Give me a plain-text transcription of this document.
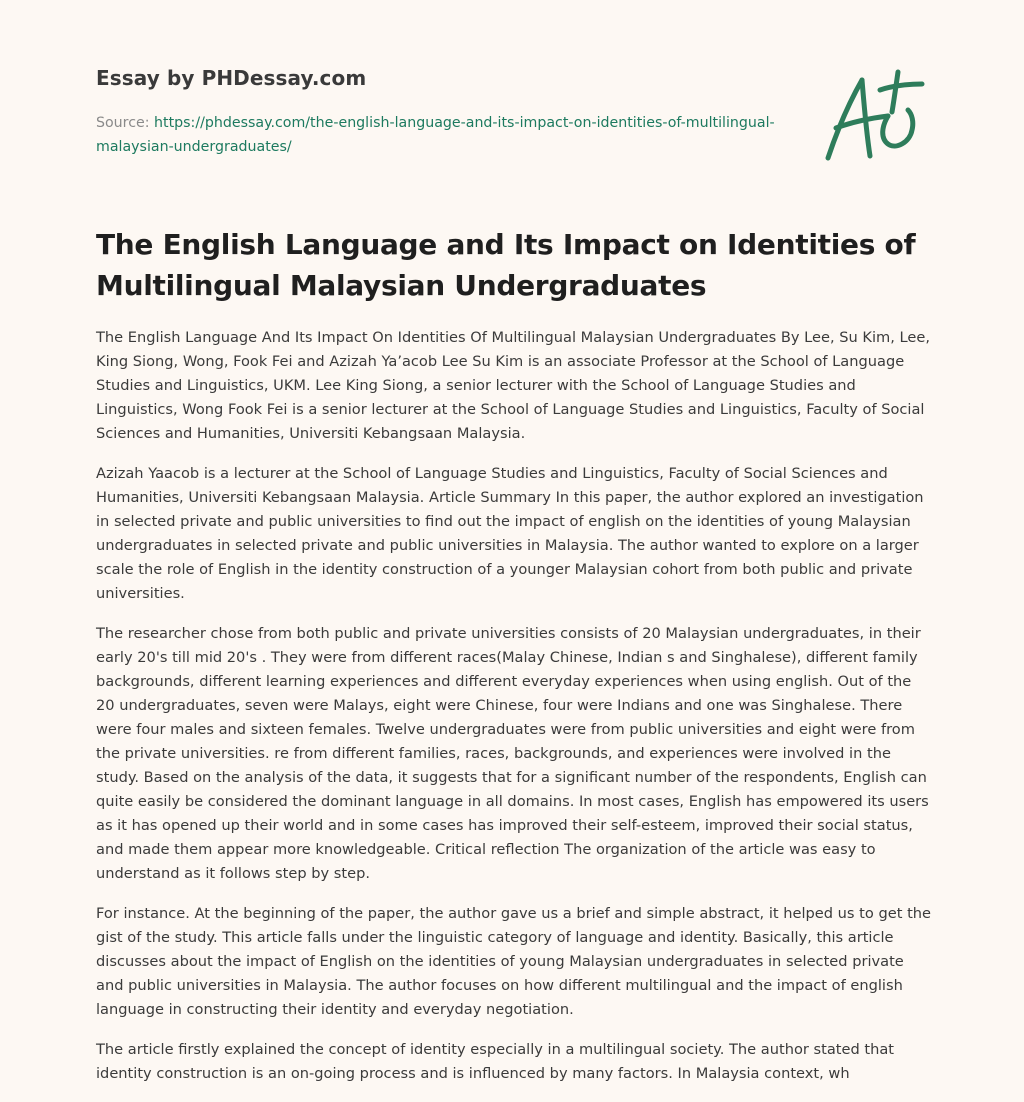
Essay by PHDessay.com
Source: https://phdessay.com/the-english-language-and-its-impact-on-identities-of-multilingual-malaysian-undergraduates/
The English Language and Its Impact on Identities of Multilingual Malaysian Undergraduates

The English Language And Its Impact On Identities Of Multilingual Malaysian Undergraduates By Lee, Su Kim, Lee, King Siong, Wong, Fook Fei and Azizah Ya’acob Lee Su Kim is an associate Professor at the School of Language Studies and Linguistics, UKM. Lee King Siong, a senior lecturer with the School of Language Studies and Linguistics, Wong Fook Fei is a senior lecturer at the School of Language Studies and Linguistics, Faculty of Social Sciences and Humanities, Universiti Kebangsaan Malaysia.

Azizah Yaacob is a lecturer at the School of Language Studies and Linguistics, Faculty of Social Sciences and Humanities, Universiti Kebangsaan Malaysia. Article Summary In this paper, the author explored an investigation in selected private and public universities to find out the impact of english on the identities of young Malaysian undergraduates in selected private and public universities in Malaysia. The author wanted to explore on a larger scale the role of English in the identity construction of a younger Malaysian cohort from both public and private universities.

The researcher chose from both public and private universities consists of 20 Malaysian undergraduates, in their early 20's till mid 20's . They were from different races(Malay Chinese, Indian s and Singhalese), different family backgrounds, different learning experiences and different everyday experiences when using english. Out of the 20 undergraduates, seven were Malays, eight were Chinese, four were Indians and one was Singhalese. There were four males and sixteen females. Twelve undergraduates were from public universities and eight were from the private universities. re from different families, races, backgrounds, and experiences were involved in the study. Based on the analysis of the data, it suggests that for a significant number of the respondents, English can quite easily be considered the dominant language in all domains. In most cases, English has empowered its users as it has opened up their world and in some cases has improved their self-esteem, improved their social status, and made them appear more knowledgeable. Critical reflection The organization of the article was easy to understand as it follows step by step.

For instance. At the beginning of the paper, the author gave us a brief and simple abstract, it helped us to get the gist of the study. This article falls under the linguistic category of language and identity. Basically, this article discusses about the impact of English on the identities of young Malaysian undergraduates in selected private and public universities in Malaysia. The author focuses on how different multilingual and the impact of english language in constructing their identity and everyday negotiation.

The article firstly explained the concept of identity especially in a multilingual society. The author stated that identity construction is an on-going process and is influenced by many factors. In Malaysia context, wh
